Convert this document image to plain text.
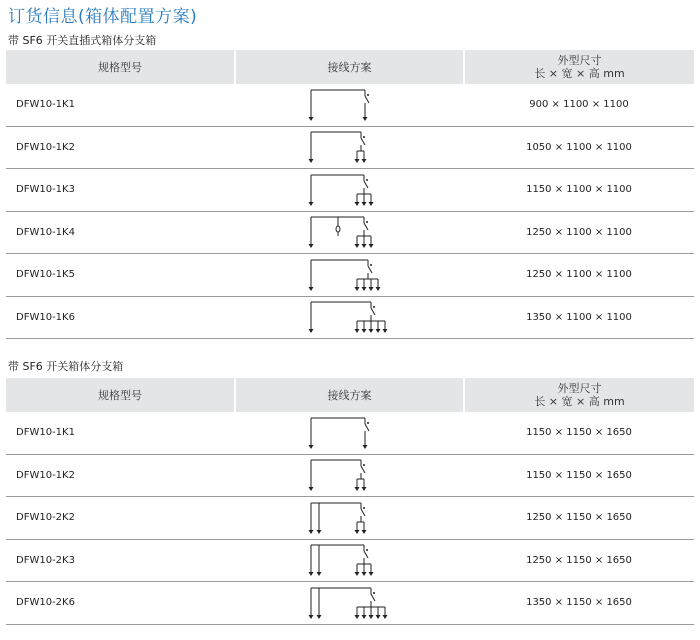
订货信息(箱体配置方案)
带 SF6 开关直插式箱体分支箱
规格型号	接线方案	外型尺寸
长 × 宽 × 高 mm

DFW10-1K1		900 × 1100 × 1100
DFW10-1K2		1050 × 1100 × 1100
DFW10-1K3		1150 × 1100 × 1100
DFW10-1K4		1250 × 1100 × 1100
DFW10-1K5		1250 × 1100 × 1100
DFW10-1K6		1350 × 1100 × 1100
带 SF6 开关箱体分支箱
规格型号	接线方案	外型尺寸
长 × 宽 × 高 mm

DFW10-1K1		1150 × 1150 × 1650
DFW10-1K2		1150 × 1150 × 1650
DFW10-2K2		1250 × 1150 × 1650
DFW10-2K3		1250 × 1150 × 1650
DFW10-2K6		1350 × 1150 × 1650
